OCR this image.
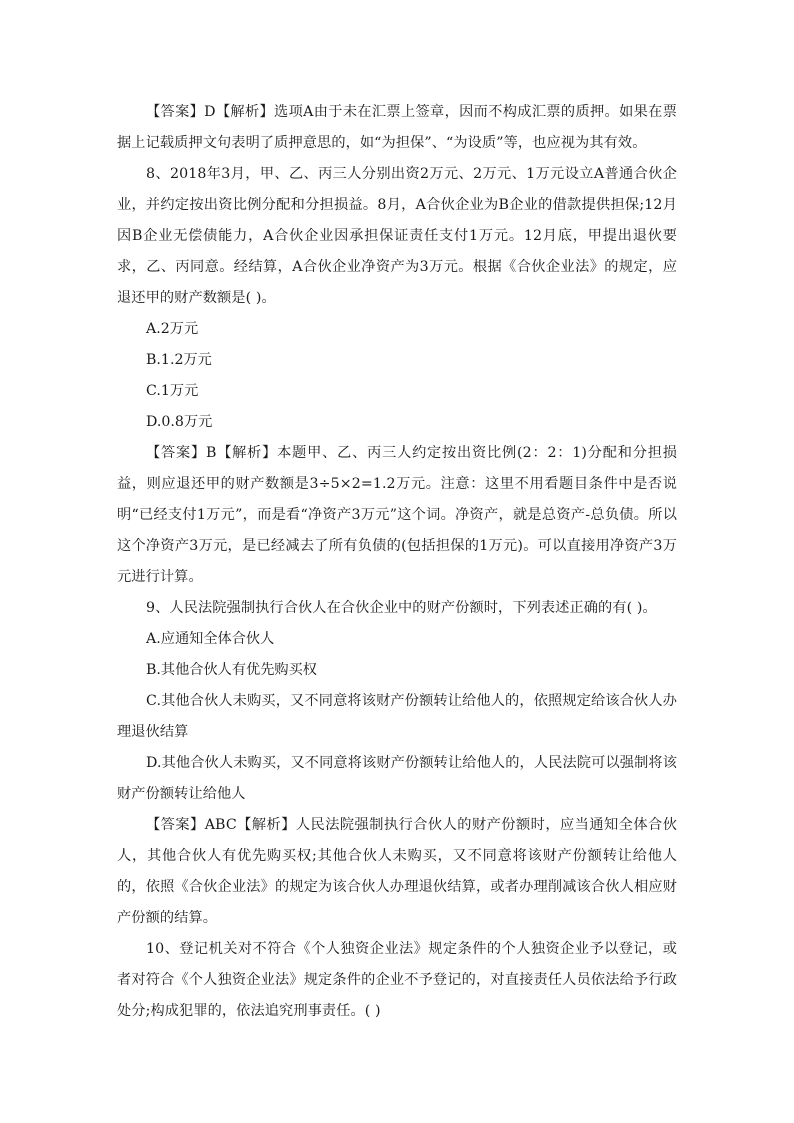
【答案】D【解析】选项A由于未在汇票上签章，因而不构成汇票的质押。如果在票据上记载质押文句表明了质押意思的，如“为担保”、“为设质”等，也应视为其有效。

8、2018年3月，甲、乙、丙三人分别出资2万元、2万元、1万元设立A普通合伙企业，并约定按出资比例分配和分担损益。8月，A合伙企业为B企业的借款提供担保;12月因B企业无偿债能力，A合伙企业因承担保证责任支付1万元。12月底，甲提出退伙要求，乙、丙同意。经结算，A合伙企业净资产为3万元。根据《合伙企业法》的规定，应退还甲的财产数额是( )。

A.2万元

B.1.2万元

C.1万元

D.0.8万元

【答案】B【解析】本题甲、乙、丙三人约定按出资比例(2：2：1)分配和分担损益，则应退还甲的财产数额是3÷5×2=1.2万元。注意：这里不用看题目条件中是否说明“已经支付1万元”，而是看“净资产3万元”这个词。净资产，就是总资产-总负债。所以这个净资产3万元，是已经减去了所有负债的(包括担保的1万元)。可以直接用净资产3万元进行计算。

9、人民法院强制执行合伙人在合伙企业中的财产份额时，下列表述正确的有( )。

A.应通知全体合伙人

B.其他合伙人有优先购买权

C.其他合伙人未购买，又不同意将该财产份额转让给他人的，依照规定给该合伙人办理退伙结算

D.其他合伙人未购买，又不同意将该财产份额转让给他人的，人民法院可以强制将该财产份额转让给他人

【答案】ABC【解析】人民法院强制执行合伙人的财产份额时，应当通知全体合伙人，其他合伙人有优先购买权;其他合伙人未购买，又不同意将该财产份额转让给他人的，依照《合伙企业法》的规定为该合伙人办理退伙结算，或者办理削减该合伙人相应财产份额的结算。

10、登记机关对不符合《个人独资企业法》规定条件的个人独资企业予以登记，或者对符合《个人独资企业法》规定条件的企业不予登记的，对直接责任人员依法给予行政处分;构成犯罪的，依法追究刑事责任。( )
